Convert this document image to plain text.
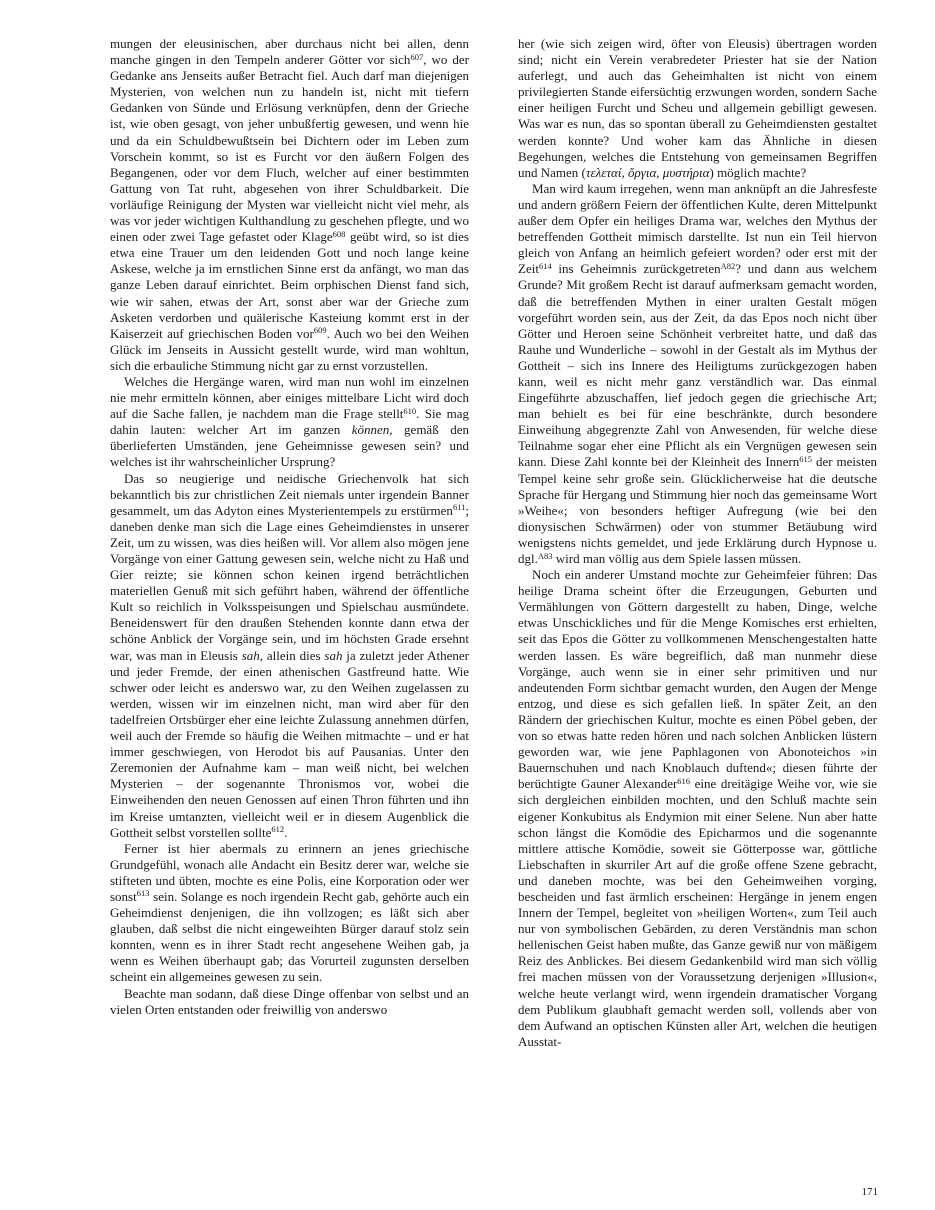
mungen der eleusinischen, aber durchaus nicht bei allen, denn manche gingen in den Tempeln anderer Götter vor sich$^{607}$, wo der Gedanke ans Jenseits außer Betracht fiel. Auch darf man diejenigen Mysterien, von welchen nun zu handeln ist, nicht mit tiefern Gedanken von Sünde und Erlösung verknüpfen, denn der Grieche ist, wie oben gesagt, von jeher unbußfertig gewesen, und wenn hie und da ein Schuldbewußtsein bei Dichtern oder im Leben zum Vorschein kommt, so ist es Furcht vor den äußern Folgen des Begangenen, oder vor dem Fluch, welcher auf einer bestimmten Gattung von Tat ruht, abgesehen von ihrer Schuldbarkeit. Die vorläufige Reinigung der Mysten war vielleicht nicht viel mehr, als was vor jeder wichtigen Kulthandlung zu geschehen pflegte, und wo einen oder zwei Tage gefastet oder Klage$^{608}$ geübt wird, so ist dies etwa eine Trauer um den leidenden Gott und noch lange keine Askese, welche ja im ernstlichen Sinne erst da anfängt, wo man das ganze Leben darauf einrichtet. Beim orphischen Dienst fand sich, wie wir sahen, etwas der Art, sonst aber war der Grieche zum Asketen verdorben und quälerische Kasteiung kommt erst in der Kaiserzeit auf griechischen Boden vor$^{609}$. Auch wo bei den Weihen Glück im Jenseits in Aussicht gestellt wurde, wird man wohltun, sich die erbauliche Stimmung nicht gar zu ernst vorzustellen.

Welches die Hergänge waren, wird man nun wohl im einzelnen nie mehr ermitteln können, aber einiges mittelbare Licht wird doch auf die Sache fallen, je nachdem man die Frage stellt$^{610}$. Sie mag dahin lauten: welcher Art im ganzen können, gemäß den überlieferten Umständen, jene Geheimnisse gewesen sein? und welches ist ihr wahrscheinlicher Ursprung?

Das so neugierige und neidische Griechenvolk hat sich bekanntlich bis zur christlichen Zeit niemals unter irgendein Banner gesammelt, um das Adyton eines Mysterientempels zu erstürmen$^{611}$; daneben denke man sich die Lage eines Geheimdienstes in unserer Zeit, um zu wissen, was dies heißen will. Vor allem also mögen jene Vorgänge von einer Gattung gewesen sein, welche nicht zu Haß und Gier reizte; sie können schon keinen irgend beträchtlichen materiellen Genuß mit sich geführt haben, während der öffentliche Kult so reichlich in Volksspeisungen und Spielschau ausmündete. Beneidenswert für den draußen Stehenden konnte dann etwa der schöne Anblick der Vorgänge sein, und im höchsten Grade ersehnt war, was man in Eleusis sah, allein dies sah ja zuletzt jeder Athener und jeder Fremde, der einen athenischen Gastfreund hatte. Wie schwer oder leicht es anderswo war, zu den Weihen zugelassen zu werden, wissen wir im einzelnen nicht, man wird aber für den tadelfreien Ortsbürger eher eine leichte Zulassung annehmen dürfen, weil auch der Fremde so häufig die Weihen mitmachte – und er hat immer geschwiegen, von Herodot bis auf Pausanias. Unter den Zeremonien der Aufnahme kam – man weiß nicht, bei welchen Mysterien – der sogenannte Thronismos vor, wobei die Einweihenden den neuen Genossen auf einen Thron führten und ihn im Kreise umtanzten, vielleicht weil er in diesem Augenblick die Gottheit selbst vorstellen sollte$^{612}$.

Ferner ist hier abermals zu erinnern an jenes griechische Grundgefühl, wonach alle Andacht ein Besitz derer war, welche sie stifteten und übten, mochte es eine Polis, eine Korporation oder wer sonst$^{613}$ sein. Solange es noch irgendein Recht gab, gehörte auch ein Geheimdienst denjenigen, die ihn vollzogen; es läßt sich aber glauben, daß selbst die nicht eingeweihten Bürger darauf stolz sein konnten, wenn es in ihrer Stadt recht angesehene Weihen gab, ja wenn es Weihen überhaupt gab; das Vorurteil zugunsten derselben scheint ein allgemeines gewesen zu sein.

Beachte man sodann, daß diese Dinge offenbar von selbst und an vielen Orten entstanden oder freiwillig von anderswo

her (wie sich zeigen wird, öfter von Eleusis) übertragen worden sind; nicht ein Verein verabredeter Priester hat sie der Nation auferlegt, und auch das Geheimhalten ist nicht von einem privilegierten Stande eifersüchtig erzwungen worden, sondern Sache einer heiligen Furcht und Scheu und allgemein gebilligt gewesen. Was war es nun, das so spontan überall zu Geheimdiensten gestaltet werden konnte? Und woher kam das Ähnliche in diesen Begehungen, welches die Entstehung von gemeinsamen Begriffen und Namen (τελεταί, ὄργια, μυστήρια) möglich machte?

Man wird kaum irregehen, wenn man anknüpft an die Jahresfeste und andern größern Feiern der öffentlichen Kulte, deren Mittelpunkt außer dem Opfer ein heiliges Drama war, welches den Mythus der betreffenden Gottheit mimisch darstellte. Ist nun ein Teil hiervon gleich von Anfang an heimlich gefeiert worden? oder erst mit der Zeit$^{614}$ ins Geheimnis zurückgetreten$^{A82}$? und dann aus welchem Grunde? Mit großem Recht ist darauf aufmerksam gemacht worden, daß die betreffenden Mythen in einer uralten Gestalt mögen vorgeführt worden sein, aus der Zeit, da das Epos noch nicht über Götter und Heroen seine Schönheit verbreitet hatte, und daß das Rauhe und Wunderliche – sowohl in der Gestalt als im Mythus der Gottheit – sich ins Innere des Heiligtums zurückgezogen haben kann, weil es nicht mehr ganz verständlich war. Das einmal Eingeführte abzuschaffen, lief jedoch gegen die griechische Art; man behielt es bei für eine beschränkte, durch besondere Einweihung abgegrenzte Zahl von Anwesenden, für welche diese Teilnahme sogar eher eine Pflicht als ein Vergnügen gewesen sein kann. Diese Zahl konnte bei der Kleinheit des Innern$^{615}$ der meisten Tempel keine sehr große sein. Glücklicherweise hat die deutsche Sprache für Hergang und Stimmung hier noch das gemeinsame Wort »Weihe«; von besonders heftiger Aufregung (wie bei den dionysischen Schwärmen) oder von stummer Betäubung wird wenigstens nichts gemeldet, und jede Erklärung durch Hypnose u. dgl.$^{A83}$ wird man völlig aus dem Spiele lassen müssen.

Noch ein anderer Umstand mochte zur Geheimfeier führen: Das heilige Drama scheint öfter die Erzeugungen, Geburten und Vermählungen von Göttern dargestellt zu haben, Dinge, welche etwas Unschickliches und für die Menge Komisches erst erhielten, seit das Epos die Götter zu vollkommenen Menschengestalten hatte werden lassen. Es wäre begreiflich, daß man nunmehr diese Vorgänge, auch wenn sie in einer sehr primitiven und nur andeutenden Form sichtbar gemacht wurden, den Augen der Menge entzog, und diese es sich gefallen ließ. In später Zeit, an den Rändern der griechischen Kultur, mochte es einen Pöbel geben, der von so etwas hatte reden hören und nach solchen Anblicken lüstern geworden war, wie jene Paphlagonen von Abonoteichos »in Bauernschuhen und nach Knoblauch duftend«; diesen führte der berüchtigte Gauner Alexander$^{616}$ eine dreitägige Weihe vor, wie sie sich dergleichen einbilden mochten, und den Schluß machte sein eigener Konkubitus als Endymion mit einer Selene. Nun aber hatte schon längst die Komödie des Epicharmos und die sogenannte mittlere attische Komödie, soweit sie Götterposse war, göttliche Liebschaften in skurriler Art auf die große offene Szene gebracht, und daneben mochte, was bei den Geheimweihen vorging, bescheiden und fast ärmlich erscheinen: Hergänge in jenem engen Innern der Tempel, begleitet von »heiligen Worten«, zum Teil auch nur von symbolischen Gebärden, zu deren Verständnis man schon hellenischen Geist haben mußte, das Ganze gewiß nur von mäßigem Reiz des Anblickes. Bei diesem Gedankenbild wird man sich völlig frei machen müssen von der Voraussetzung derjenigen »Illusion«, welche heute verlangt wird, wenn irgendein dramatischer Vorgang dem Publikum glaubhaft gemacht werden soll, vollends aber von dem Aufwand an optischen Künsten aller Art, welchen die heutigen Ausstat-

171
